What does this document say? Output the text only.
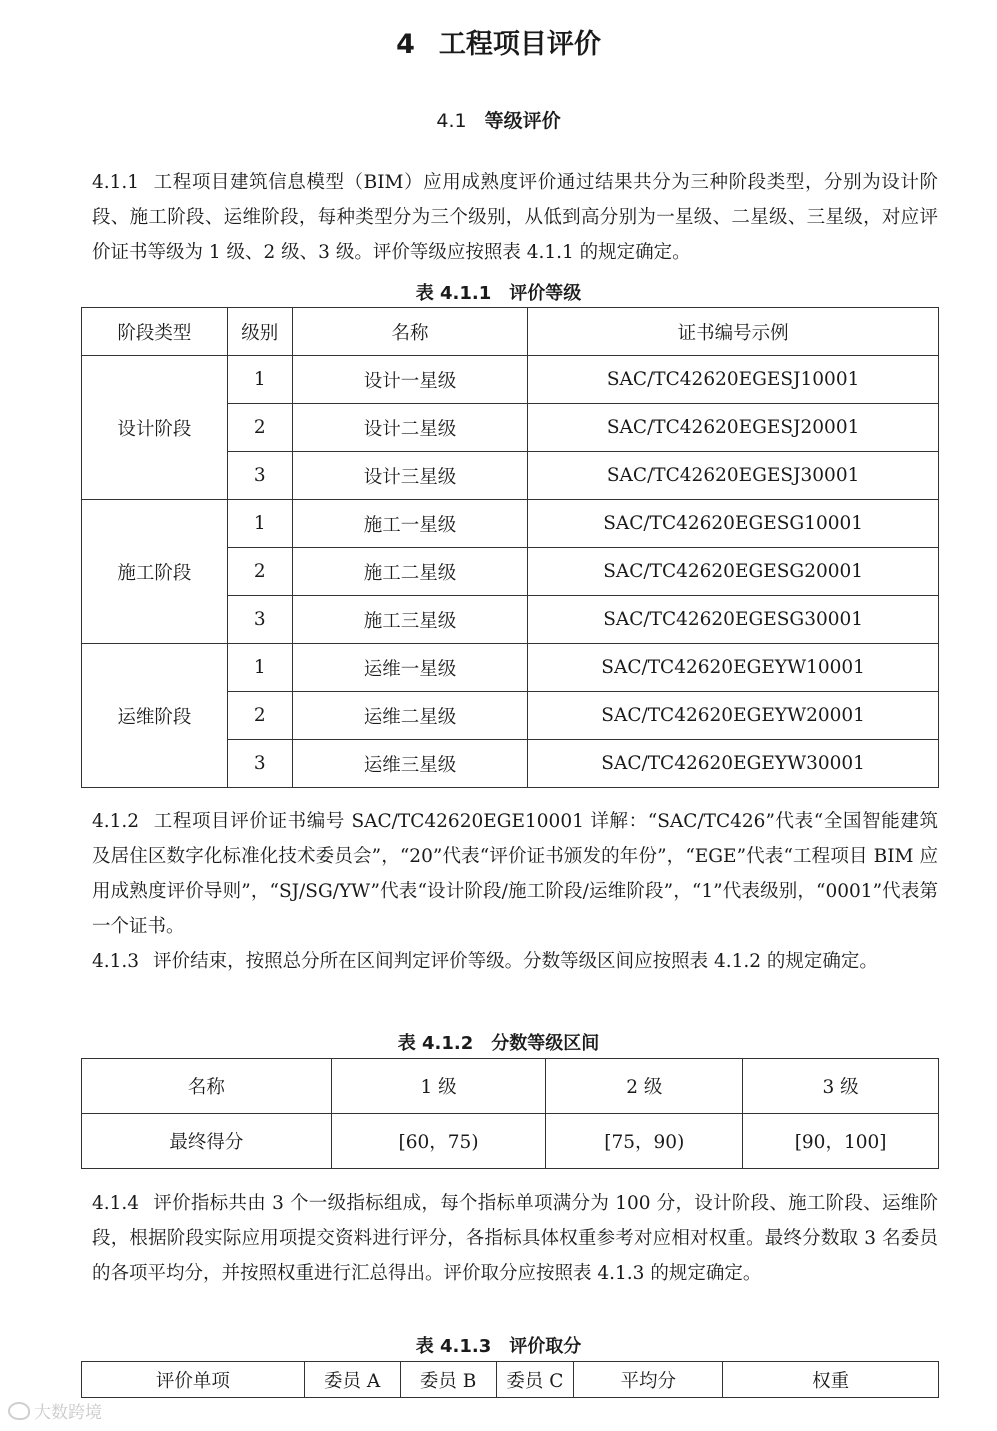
4 工程项目评价
4.1 等级评价
4.1.1 工程项目建筑信息模型（BIM）应用成熟度评价通过结果共分为三种阶段类型，分别为设计阶段、施工阶段、运维阶段，每种类型分为三个级别，从低到高分别为一星级、二星级、三星级，对应评价证书等级为 1 级、2 级、3 级。评价等级应按照表 4.1.1 的规定确定。
表 4.1.1 评价等级
阶段类型	级别	名称	证书编号示例
设计阶段	1	设计一星级	SAC/TC42620EGESJ10001
	2	设计二星级	SAC/TC42620EGESJ20001
	3	设计三星级	SAC/TC42620EGESJ30001
施工阶段	1	施工一星级	SAC/TC42620EGESG10001
	2	施工二星级	SAC/TC42620EGESG20001
	3	施工三星级	SAC/TC42620EGESG30001
运维阶段	1	运维一星级	SAC/TC42620EGEYW10001
	2	运维二星级	SAC/TC42620EGEYW20001
	3	运维三星级	SAC/TC42620EGEYW30001
4.1.2 工程项目评价证书编号 SAC/TC42620EGE10001 详解：“SAC/TC426”代表“全国智能建筑及居住区数字化标准化技术委员会”，“20”代表“评价证书颁发的年份”，“EGE”代表“工程项目 BIM 应用成熟度评价导则”，“SJ/SG/YW”代表“设计阶段/施工阶段/运维阶段”，“1”代表级别，“0001”代表第一个证书。
4.1.3 评价结束，按照总分所在区间判定评价等级。分数等级区间应按照表 4.1.2 的规定确定。
表 4.1.2 分数等级区间
名称	1 级	2 级	3 级
最终得分	[60，75)	[75，90)	[90，100]
4.1.4 评价指标共由 3 个一级指标组成，每个指标单项满分为 100 分，设计阶段、施工阶段、运维阶段，根据阶段实际应用项提交资料进行评分，各指标具体权重参考对应相对权重。最终分数取 3 名委员的各项平均分，并按照权重进行汇总得出。评价取分应按照表 4.1.3 的规定确定。
表 4.1.3 评价取分
评价单项	委员 A	委员 B	委员 C	平均分	权重
大数跨境
